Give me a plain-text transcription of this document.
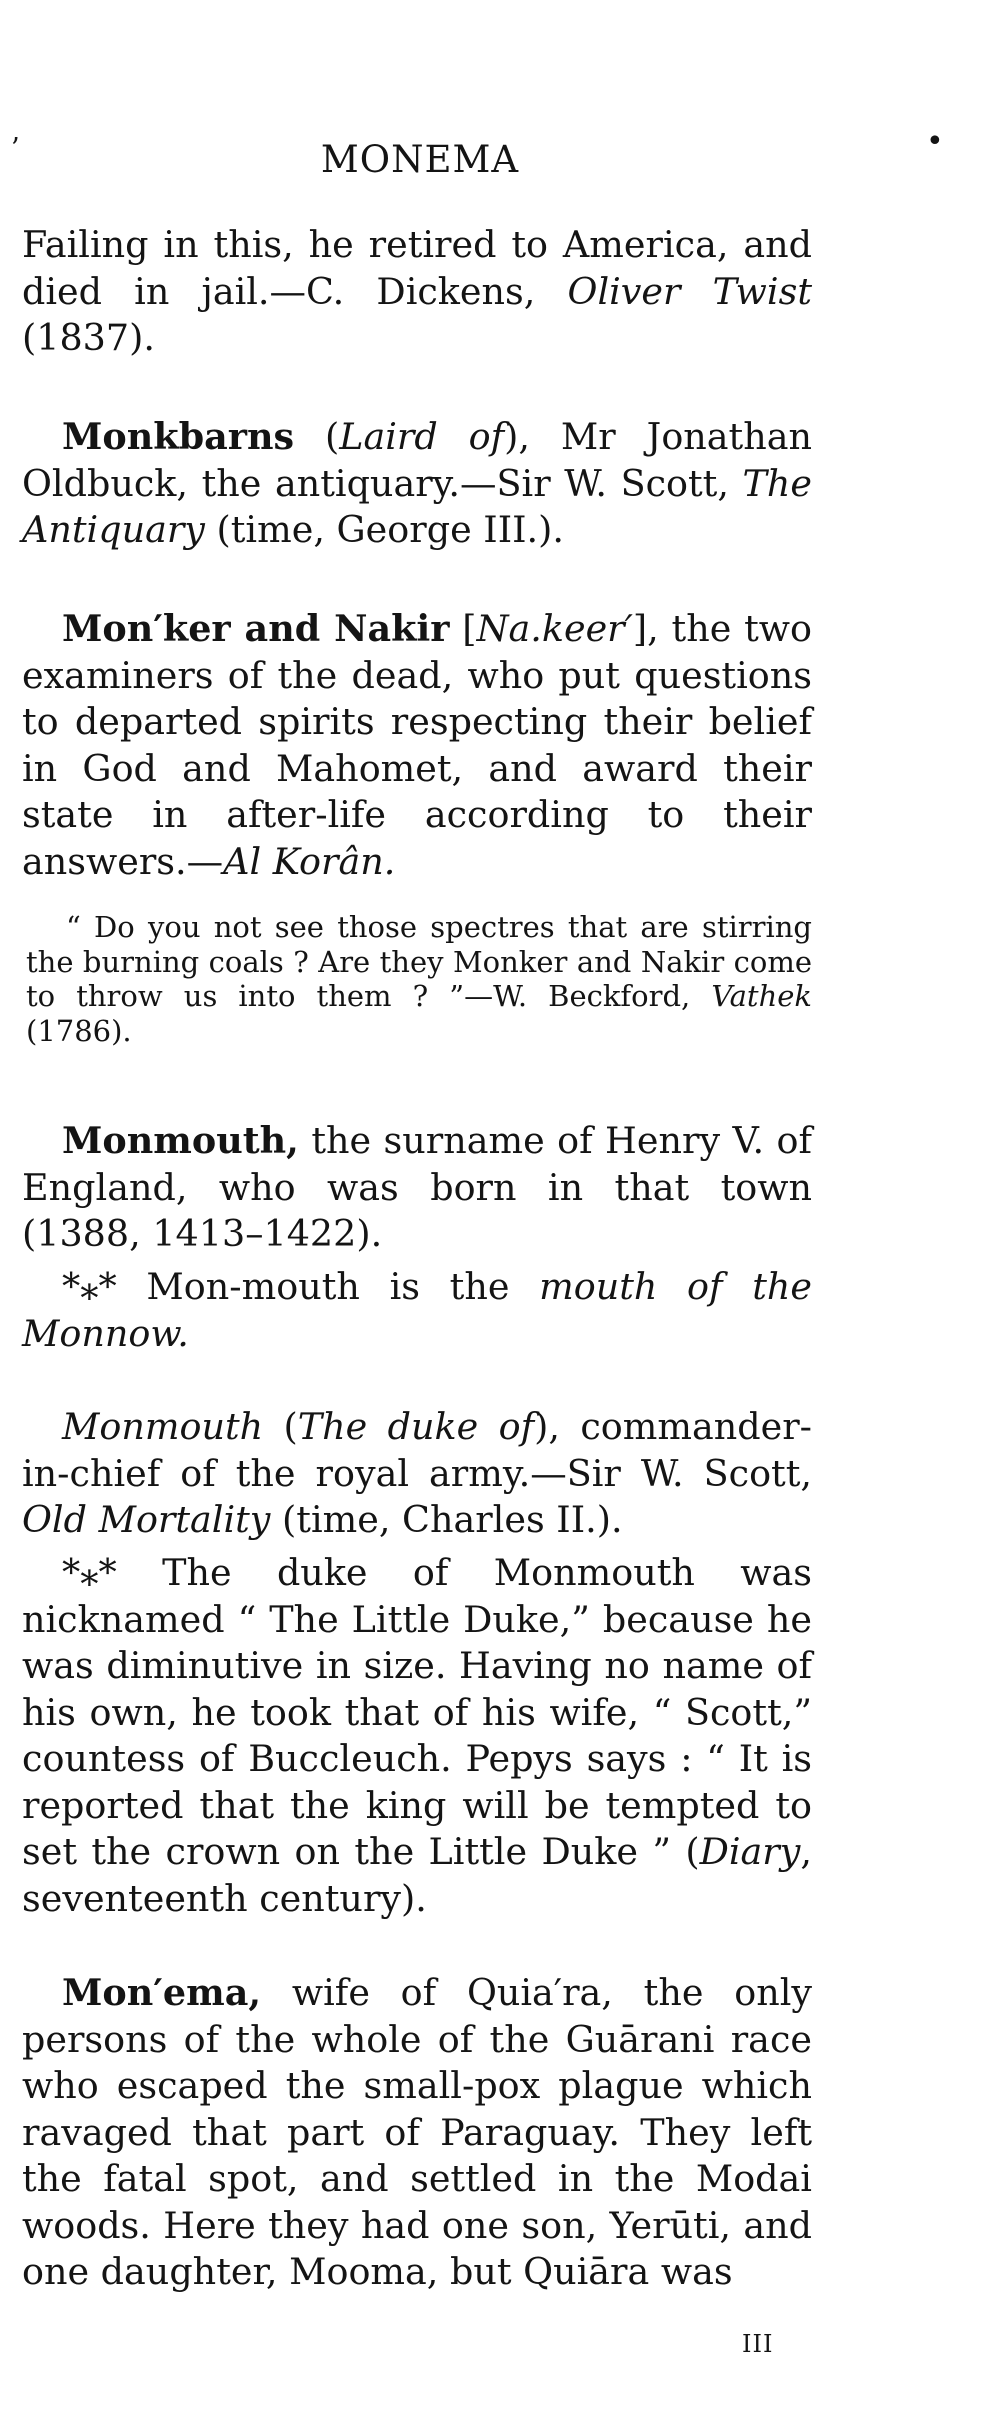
ʼ	MONEMA	•

Failing in this, he retired to America, and died in jail.—C. Dickens, Oliver Twist (1837).

Monkbarns (Laird of), Mr Jonathan Oldbuck, the antiquary.—Sir W. Scott, The Antiquary (time, George III.).

Mon′ker and Nakir [Na.keer′], the two examiners of the dead, who put questions to departed spirits respecting their belief in God and Mahomet, and award their state in after-life according to their answers.—Al Korân.

“ Do you not see those spectres that are stirring the burning coals ? Are they Monker and Nakir come to throw us into them ? ”—W. Beckford, Vathek (1786).

Monmouth, the surname of Henry V. of England, who was born in that town (1388, 1413–1422).

*⁎* Mon-mouth is the mouth of the Monnow.

Monmouth (The duke of), commander-in-chief of the royal army.—Sir W. Scott, Old Mortality (time, Charles II.).

*⁎* The duke of Monmouth was nicknamed “ The Little Duke,” because he was diminutive in size. Having no name of his own, he took that of his wife, “ Scott,” countess of Buccleuch. Pepys says : “ It is reported that the king will be tempted to set the crown on the Little Duke ” (Diary, seventeenth century).

Mon′ema, wife of Quia′ra, the only persons of the whole of the Guārani race who escaped the small-pox plague which ravaged that part of Paraguay. They left the fatal spot, and settled in the Modai woods. Here they had one son, Yerūti, and one daughter, Mooma, but Quiāra was

III
